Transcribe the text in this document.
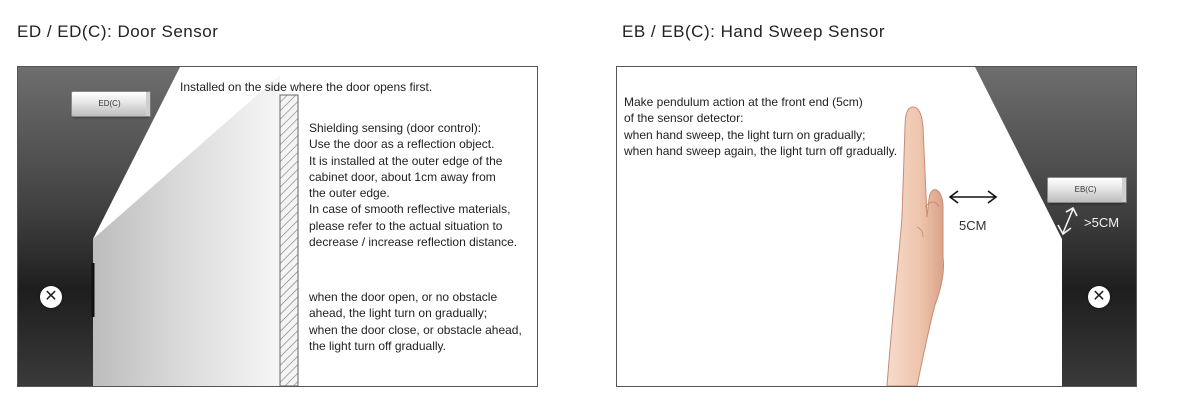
ED / ED(C): Door Sensor
ED(C)
✕
Installed on the side where the door opens first.
Shielding sensing (door control):
Use the door as a reflection object.
It is installed at the outer edge of the
cabinet door, about 1cm away from
the outer edge.
In case of smooth reflective materials,
please refer to the actual situation to
decrease / increase reflection distance.
when the door open, or no obstacle
ahead, the light turn on gradually;
when the door close, or obstacle ahead,
the light turn off gradually.
EB / EB(C): Hand Sweep Sensor
Make pendulum action at the front end (5cm)
of the sensor detector:
when hand sweep, the light turn on gradually;
when hand sweep again, the light turn off gradually.
5CM	>5CM
EB(C)
✕
